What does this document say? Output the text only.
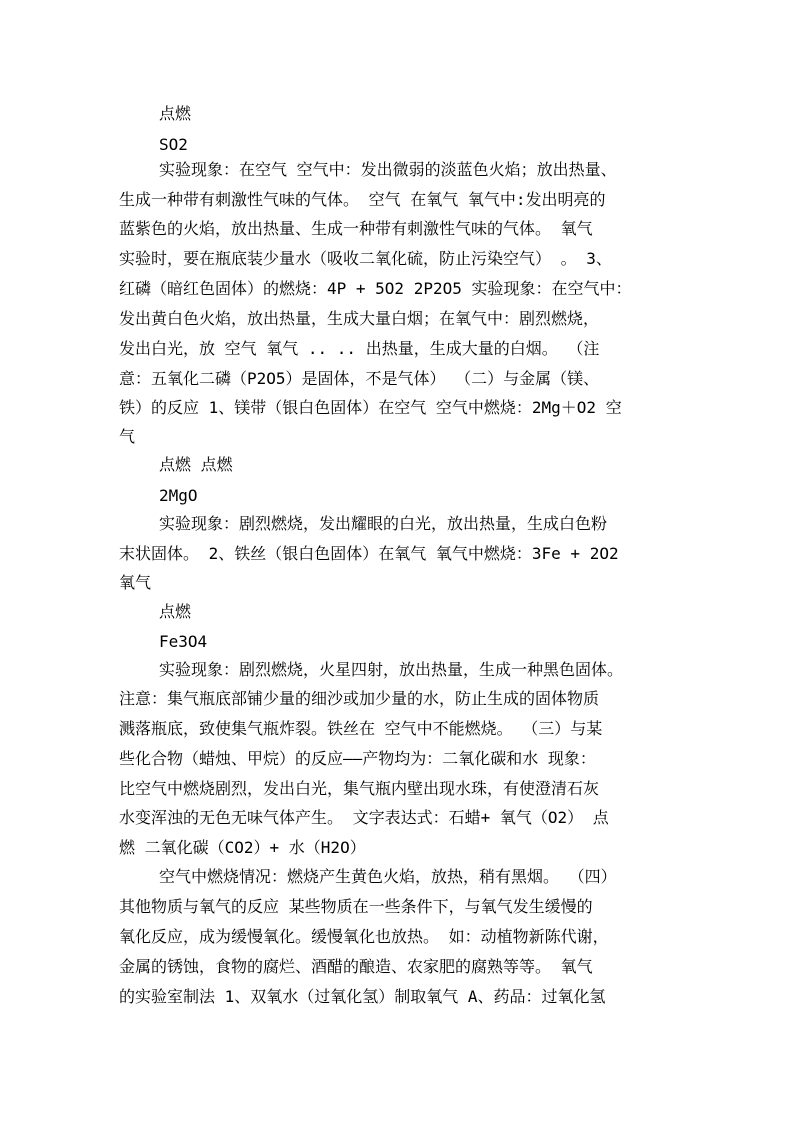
点燃
SO2
实验现象：在空气 空气中：发出微弱的淡蓝色火焰；放出热量、
生成一种带有刺激性气味的气体。 空气 在氧气 氧气中:发出明亮的
蓝紫色的火焰，放出热量、生成一种带有刺激性气味的气体。 氧气
实验时，要在瓶底装少量水（吸收二氧化硫，防止污染空气） 。 3、
红磷（暗红色固体）的燃烧：4P + 5O2 2P2O5 实验现象：在空气中：
发出黄白色火焰，放出热量，生成大量白烟；在氧气中：剧烈燃烧，
发出白光，放 空气 氧气 .. .. 出热量，生成大量的白烟。 （注
意：五氧化二磷（P2O5）是固体，不是气体） （二）与金属（镁、
铁）的反应 1、镁带（银白色固体）在空气 空气中燃烧：2Mg＋O2 空
气
点燃 点燃
2MgO
实验现象：剧烈燃烧，发出耀眼的白光，放出热量，生成白色粉
末状固体。 2、铁丝（银白色固体）在氧气 氧气中燃烧：3Fe + 2O2
氧气
点燃
Fe3O4
实验现象：剧烈燃烧，火星四射，放出热量，生成一种黑色固体。
注意：集气瓶底部铺少量的细沙或加少量的水，防止生成的固体物质
溅落瓶底，致使集气瓶炸裂。铁丝在 空气中不能燃烧。 （三）与某
些化合物（蜡烛、甲烷）的反应——产物均为：二氧化碳和水 现象：
比空气中燃烧剧烈，发出白光，集气瓶内壁出现水珠，有使澄清石灰
水变浑浊的无色无味气体产生。 文字表达式：石蜡+ 氧气（O2） 点
燃 二氧化碳（CO2）+ 水（H2O）
空气中燃烧情况：燃烧产生黄色火焰，放热，稍有黑烟。 （四）
其他物质与氧气的反应 某些物质在一些条件下，与氧气发生缓慢的
氧化反应，成为缓慢氧化。缓慢氧化也放热。 如：动植物新陈代谢，
金属的锈蚀，食物的腐烂、酒醋的酿造、农家肥的腐熟等等。 氧气
的实验室制法 1、双氧水（过氧化氢）制取氧气 A、药品：过氧化氢
